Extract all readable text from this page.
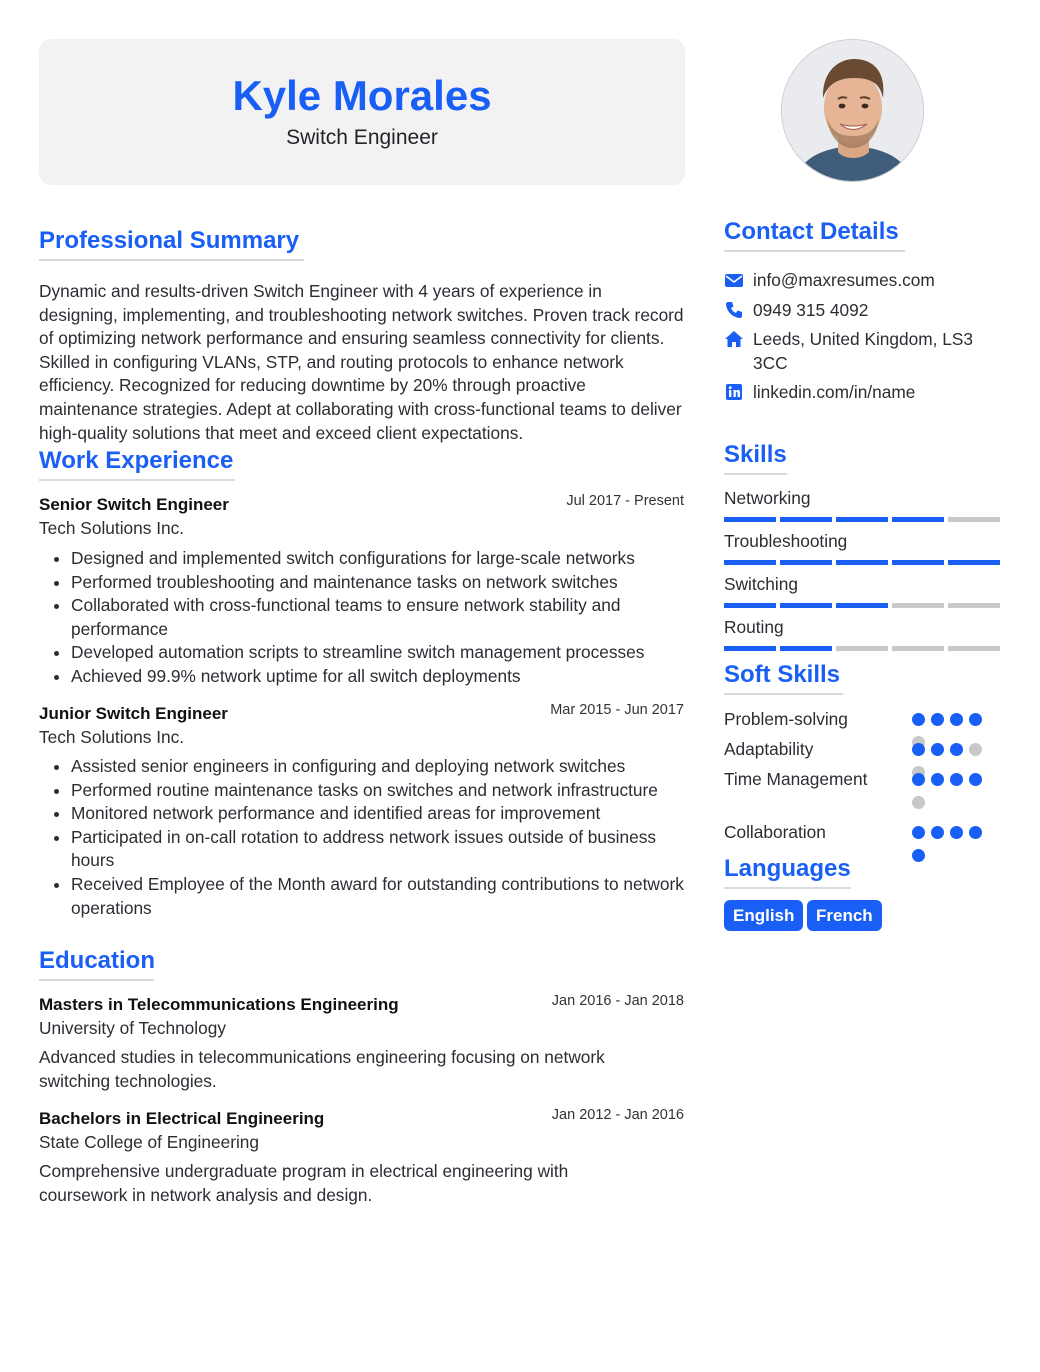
Kyle Morales
Switch Engineer
Professional Summary
Dynamic and results-driven Switch Engineer with 4 years of experience in designing, implementing, and troubleshooting network switches. Proven track record of optimizing network performance and ensuring seamless connectivity for clients. Skilled in configuring VLANs, STP, and routing protocols to enhance network efficiency. Recognized for reducing downtime by 20% through proactive maintenance strategies. Adept at collaborating with cross-functional teams to deliver high-quality solutions that meet and exceed client expectations.
Work Experience
Senior Switch Engineer	Jul 2017 - Present
Tech Solutions Inc.
• Designed and implemented switch configurations for large-scale networks
• Performed troubleshooting and maintenance tasks on network switches
• Collaborated with cross-functional teams to ensure network stability and performance
• Developed automation scripts to streamline switch management processes
• Achieved 99.9% network uptime for all switch deployments
Junior Switch Engineer	Mar 2015 - Jun 2017
Tech Solutions Inc.
• Assisted senior engineers in configuring and deploying network switches
• Performed routine maintenance tasks on switches and network infrastructure
• Monitored network performance and identified areas for improvement
• Participated in on-call rotation to address network issues outside of business hours
• Received Employee of the Month award for outstanding contributions to network operations
Education
Masters in Telecommunications Engineering	Jan 2016 - Jan 2018
University of Technology
Advanced studies in telecommunications engineering focusing on network switching technologies.
Bachelors in Electrical Engineering	Jan 2012 - Jan 2016
State College of Engineering
Comprehensive undergraduate program in electrical engineering with coursework in network analysis and design.
Contact Details
info@maxresumes.com
0949 315 4092
Leeds, United Kingdom, LS3 3CC
linkedin.com/in/name
Skills
Networking
Troubleshooting
Switching
Routing
Soft Skills
Problem-solving
Adaptability
Time Management
Collaboration
Languages
English	French
